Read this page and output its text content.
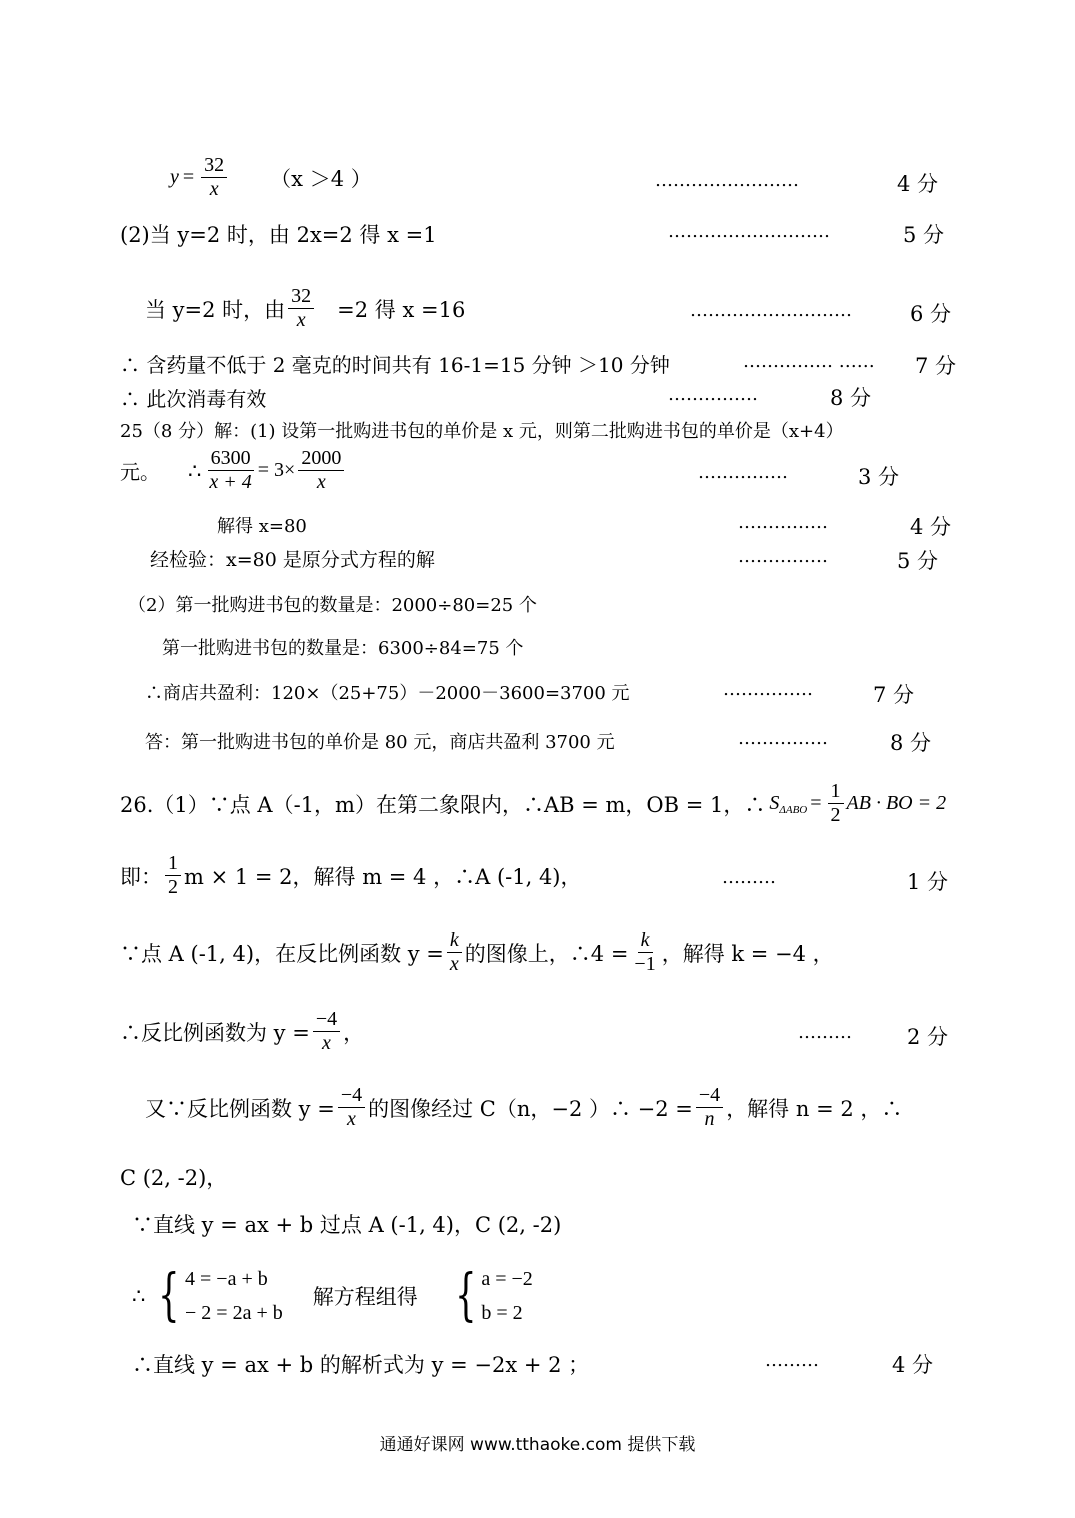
$y = \frac{32}{x} (x >4$ ）	……………………	4 分
(2)当 y=2 时，由 2x=2 得 x =1	………………………	5 分
当 y=2 时，由 $\frac{32}{x} =2$ 得 x =16	………………………	6 分
∴ 含药量不低于 2 毫克的时间共有 16-1=15 分钟 ＞10 分钟	…………… …… 7 分
∴ 此次消毒有效	……………	8 分
25（8 分）解：(1) 设第一批购进书包的单价是 x 元，则第二批购进书包的单价是（x+4）
元。 ∴ $\frac{6300}{x + 4} = 3\times \frac{2000}{x}$	……………	3 分
解得 x=80	……………	4 分
经检验：x=80 是原分式方程的解	……………	5 分
（2）第一批购进书包的数量是：2000÷80=25 个
第一批购进书包的数量是：6300÷84=75 个
∴商店共盈利：120×（25+75）－2000－3600=3700 元	……………	7 分
答：第一批购进书包的单价是 80 元，商店共盈利 3700 元	……………	8 分
26.（1）∵点 A（-1，m）在第二象限内，∴AB = m，OB = 1，∴ S $\Delta ABO = \frac{1}{2}$ AB · BO = 2
即： $\frac{1}{2}$ m × 1 = 2，解得 m = 4 ，∴A (-1, 4)，	………	1 分
∵点 A (-1, 4)，在反比例函数 $y = \frac{k}{x}$ 的图像上，∴4 = $\frac{k}{-1}$ ，解得 k = −4 ，
∴反比例函数为 $y = \frac{-4}{x}$ ，	………	2 分
又∵反比例函数 $y = \frac{-4}{x}$ 的图像经过 C（n，−2 ）∴ $-2 = \frac{-4}{n}$ ，解得 n = 2 ，∴
C (2, -2)，
∵直线 y = ax + b 过点 A (-1, 4)，C (2, -2)
∴ { 4 = −a + b
− 2 = 2a + b
解方程组得 { a = −2
b = 2
∴直线 y = ax + b 的解析式为 y = −2x + 2 ；	………	4 分
通通好课网 www.tthaoke.com 提供下载
